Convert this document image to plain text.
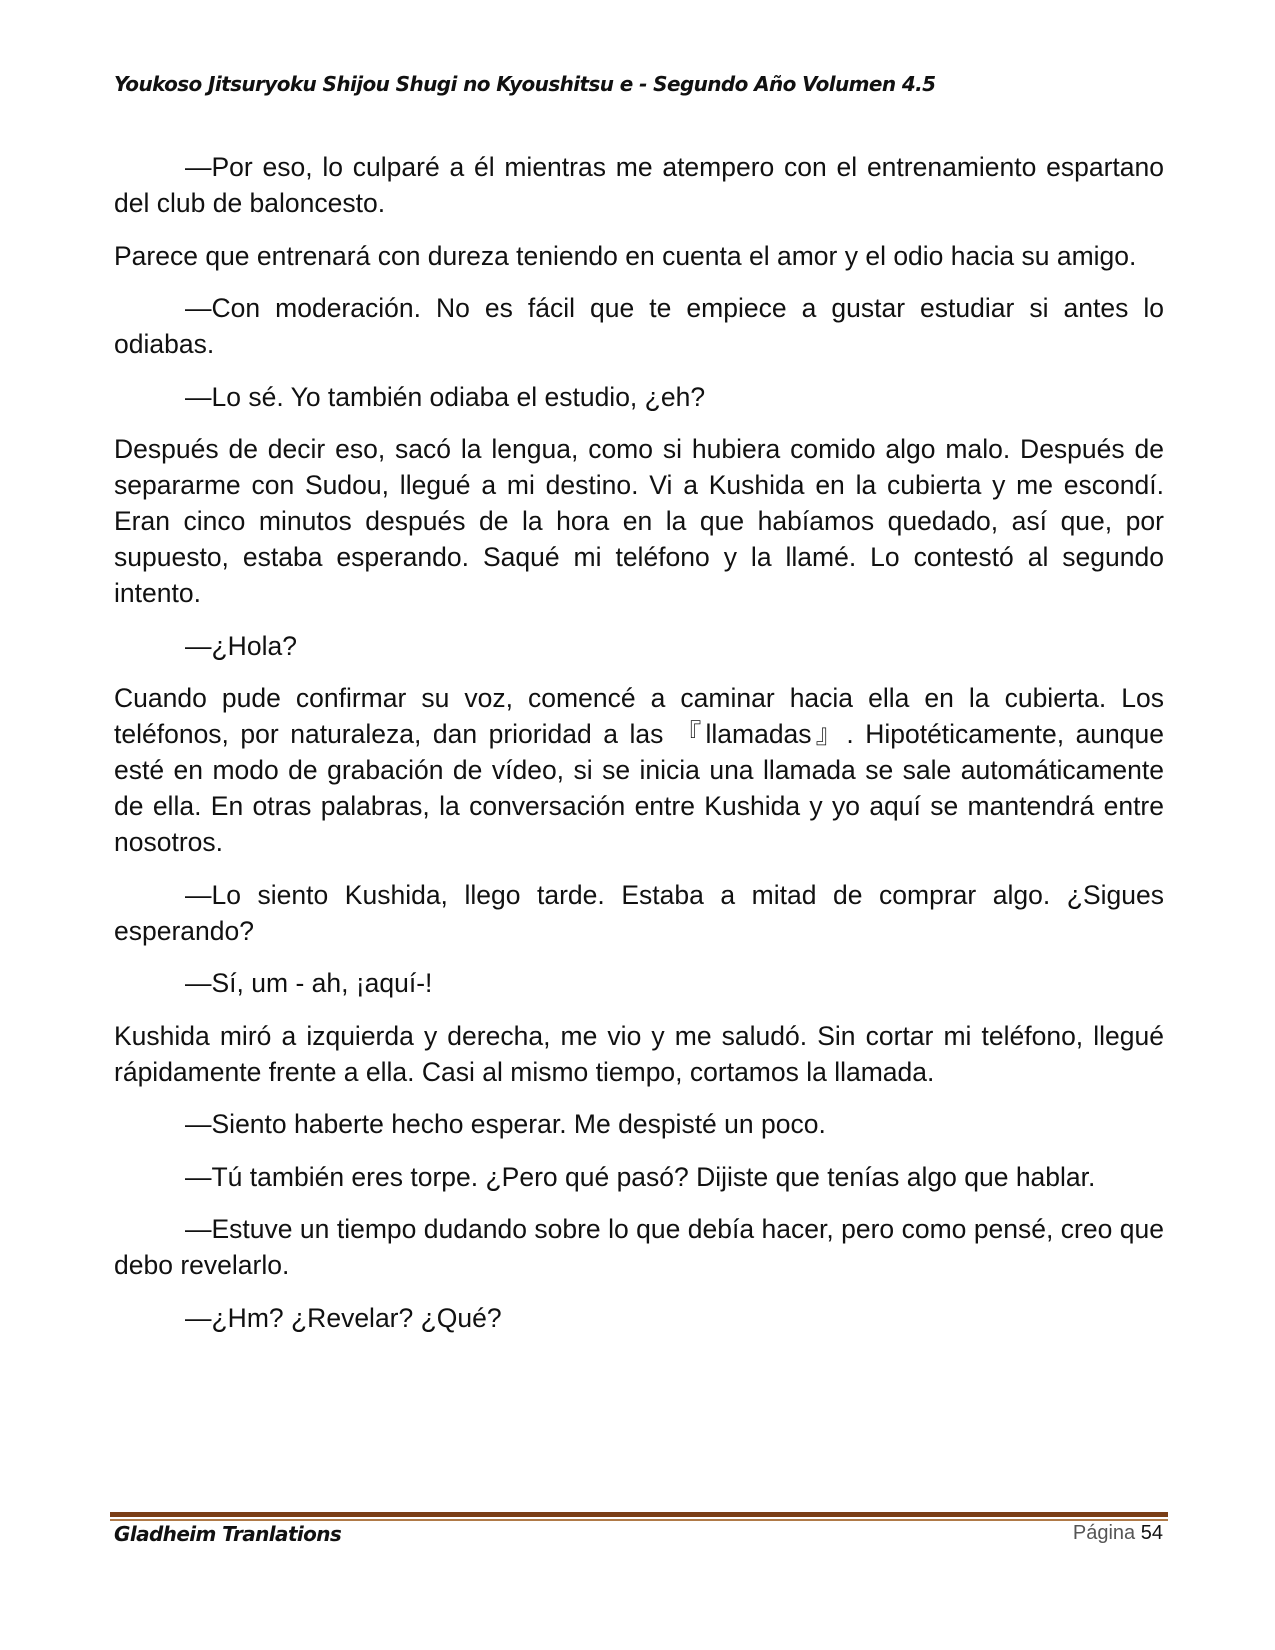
Youkoso Jitsuryoku Shijou Shugi no Kyoushitsu e - Segundo Año Volumen 4.5

—Por eso, lo culparé a él mientras me atempero con el entrenamiento espartano del club de baloncesto.

Parece que entrenará con dureza teniendo en cuenta el amor y el odio hacia su amigo.

—Con moderación. No es fácil que te empiece a gustar estudiar si antes lo odiabas.

—Lo sé. Yo también odiaba el estudio, ¿eh?

Después de decir eso, sacó la lengua, como si hubiera comido algo malo. Después de separarme con Sudou, llegué a mi destino. Vi a Kushida en la cubierta y me escondí. Eran cinco minutos después de la hora en la que habíamos quedado, así que, por supuesto, estaba esperando. Saqué mi teléfono y la llamé. Lo contestó al segundo intento.

—¿Hola?

Cuando pude confirmar su voz, comencé a caminar hacia ella en la cubierta. Los teléfonos, por naturaleza, dan prioridad a las 『llamadas』. Hipotéticamente, aunque esté en modo de grabación de vídeo, si se inicia una llamada se sale automáticamente de ella. En otras palabras, la conversación entre Kushida y yo aquí se mantendrá entre nosotros.

—Lo siento Kushida, llego tarde. Estaba a mitad de comprar algo. ¿Sigues esperando?

—Sí, um - ah, ¡aquí-!

Kushida miró a izquierda y derecha, me vio y me saludó. Sin cortar mi teléfono, llegué rápidamente frente a ella. Casi al mismo tiempo, cortamos la llamada.

—Siento haberte hecho esperar. Me despisté un poco.

—Tú también eres torpe. ¿Pero qué pasó? Dijiste que tenías algo que hablar.

—Estuve un tiempo dudando sobre lo que debía hacer, pero como pensé, creo que debo revelarlo.

—¿Hm? ¿Revelar? ¿Qué?

Gladheim Tranlations	Página 54
